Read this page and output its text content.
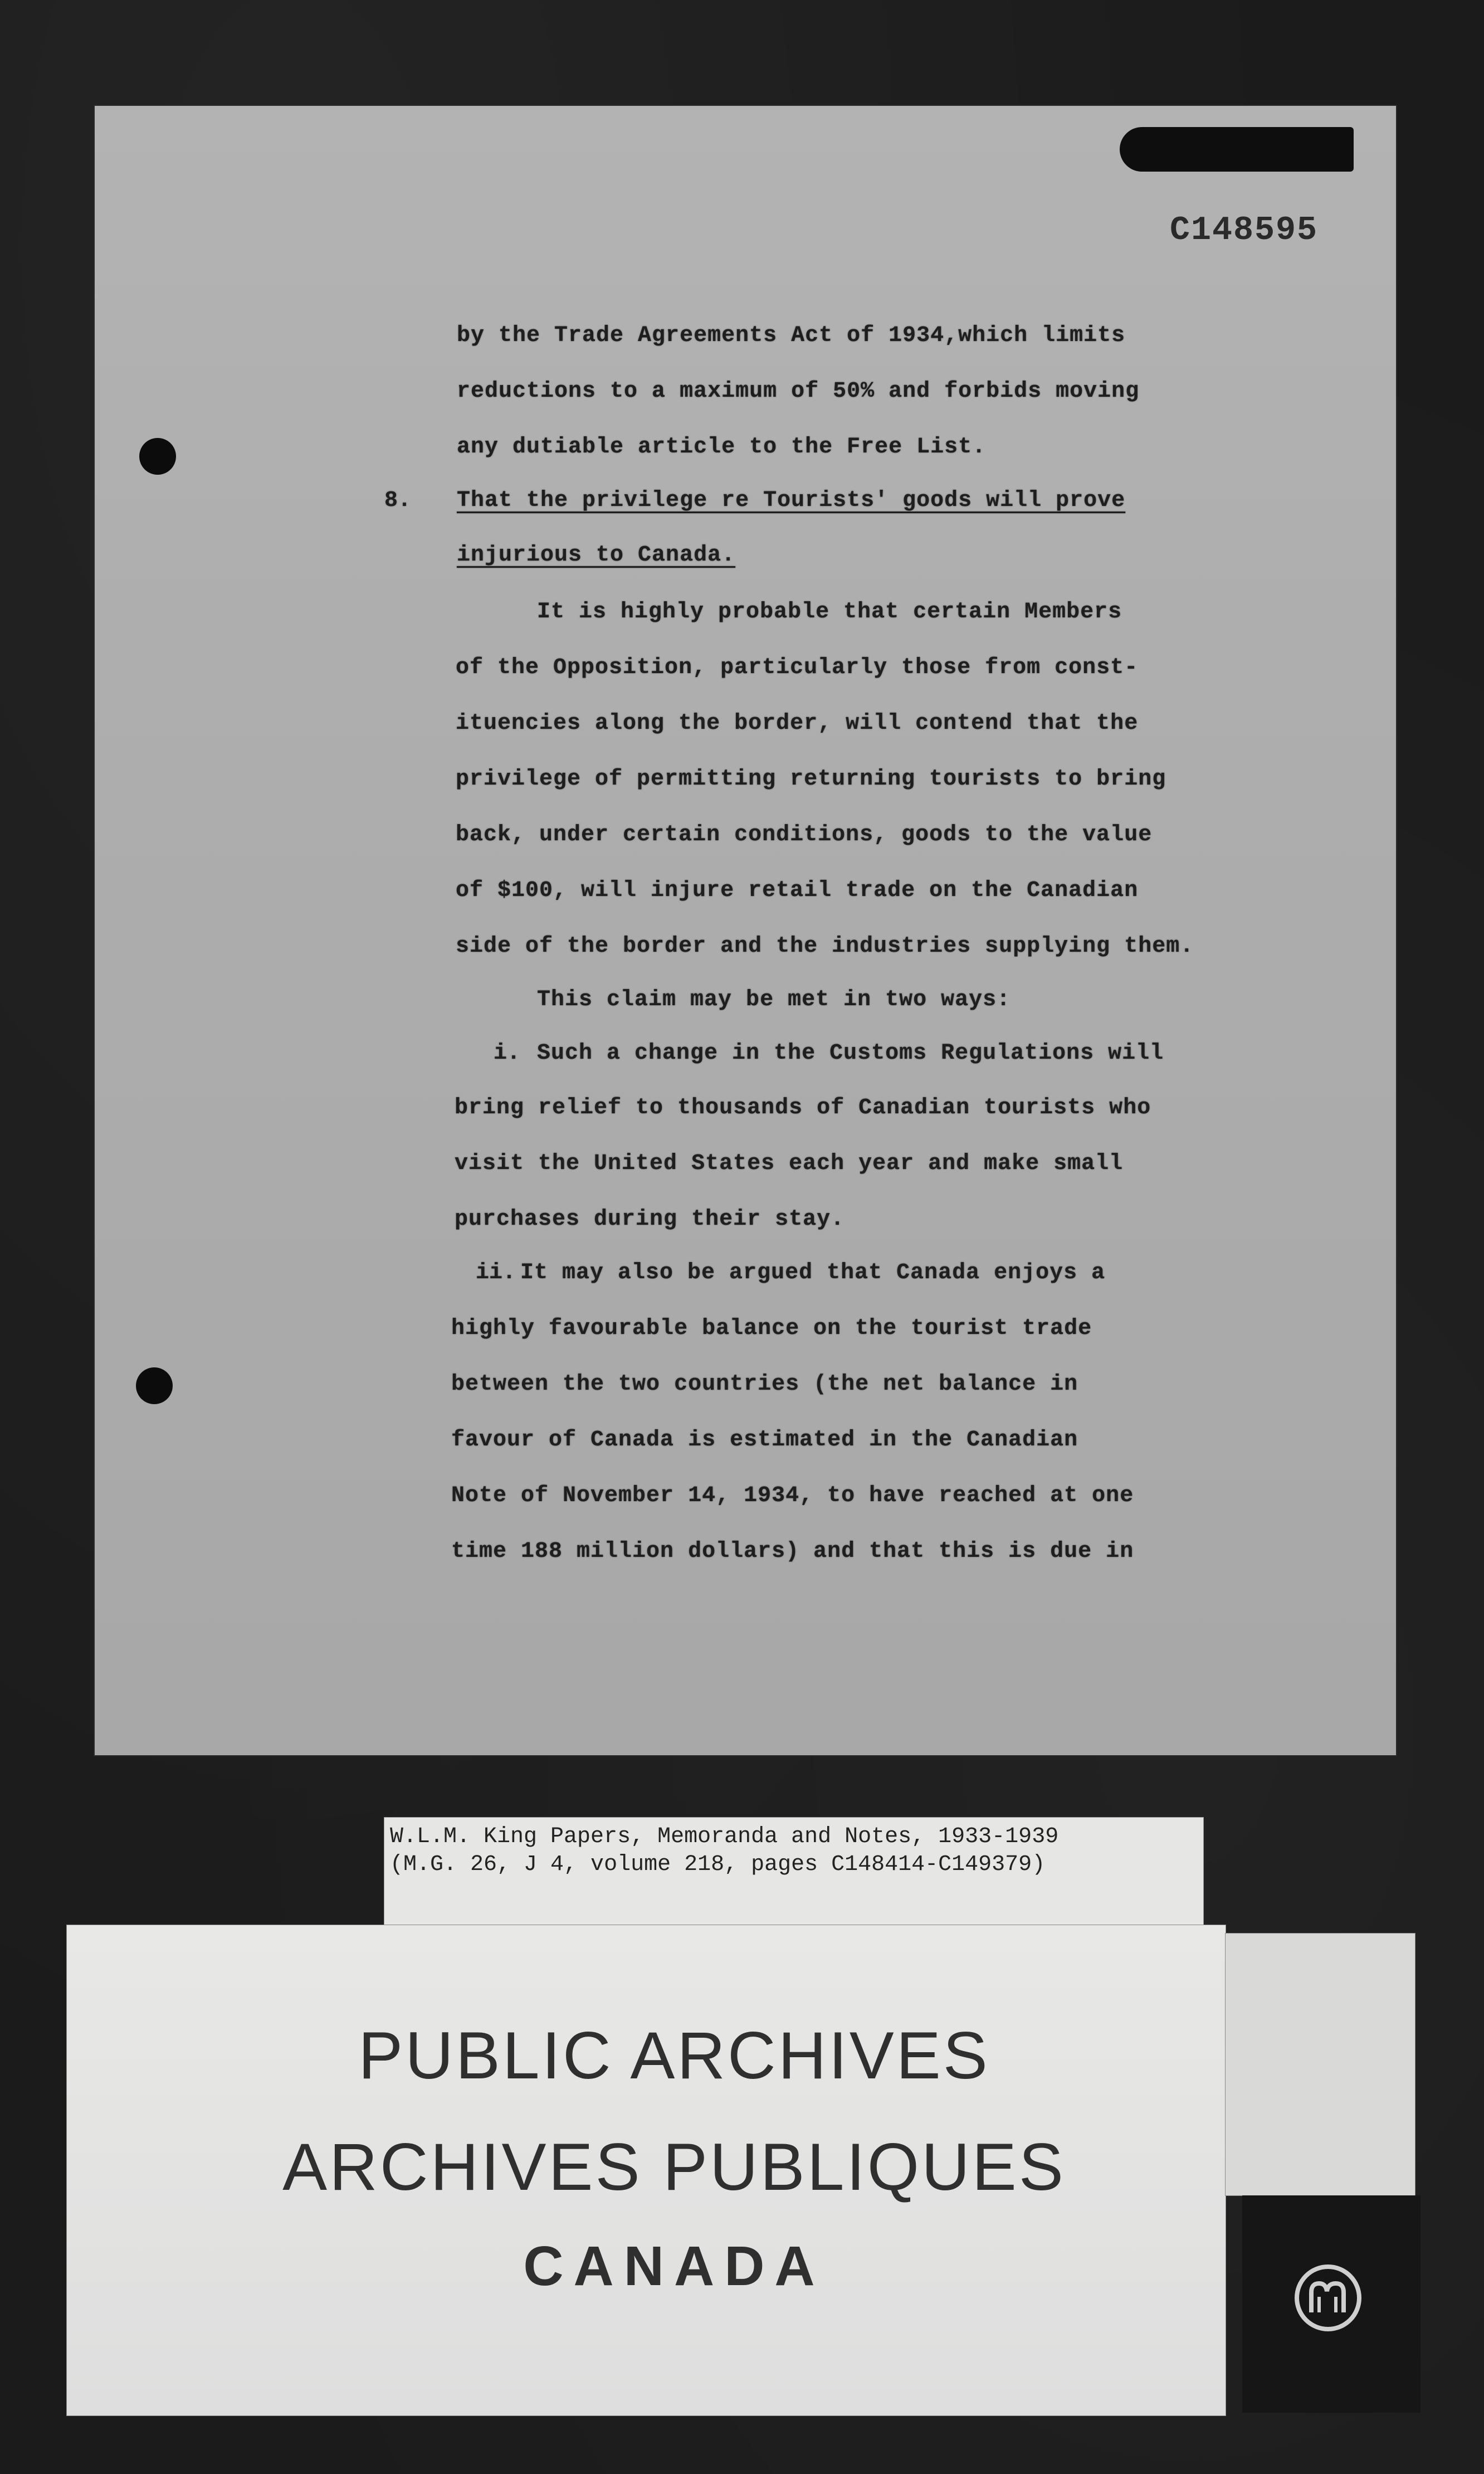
C148595
by the Trade Agreements Act of 1934,which limits
reductions to a maximum of 50% and forbids moving
any dutiable article to the Free List.
8. That the privilege re Tourists' goods will prove
injurious to Canada.
It is highly probable that certain Members
of the Opposition, particularly those from const-
ituencies along the border, will contend that the
privilege of permitting returning tourists to bring
back, under certain conditions, goods to the value
of $100, will injure retail trade on the Canadian
side of the border and the industries supplying them.
This claim may be met in two ways:
i. Such a change in the Customs Regulations will
bring relief to thousands of Canadian tourists who
visit the United States each year and make small
purchases during their stay.
ii. It may also be argued that Canada enjoys a
highly favourable balance on the tourist trade
between the two countries (the net balance in
favour of Canada is estimated in the Canadian
Note of November 14, 1934, to have reached at one
time 188 million dollars) and that this is due in
W.L.M. King Papers, Memoranda and Notes, 1933-1939
(M.G. 26, J 4, volume 218, pages C148414-C149379)
PUBLIC ARCHIVES
ARCHIVES PUBLIQUES
CANADA
